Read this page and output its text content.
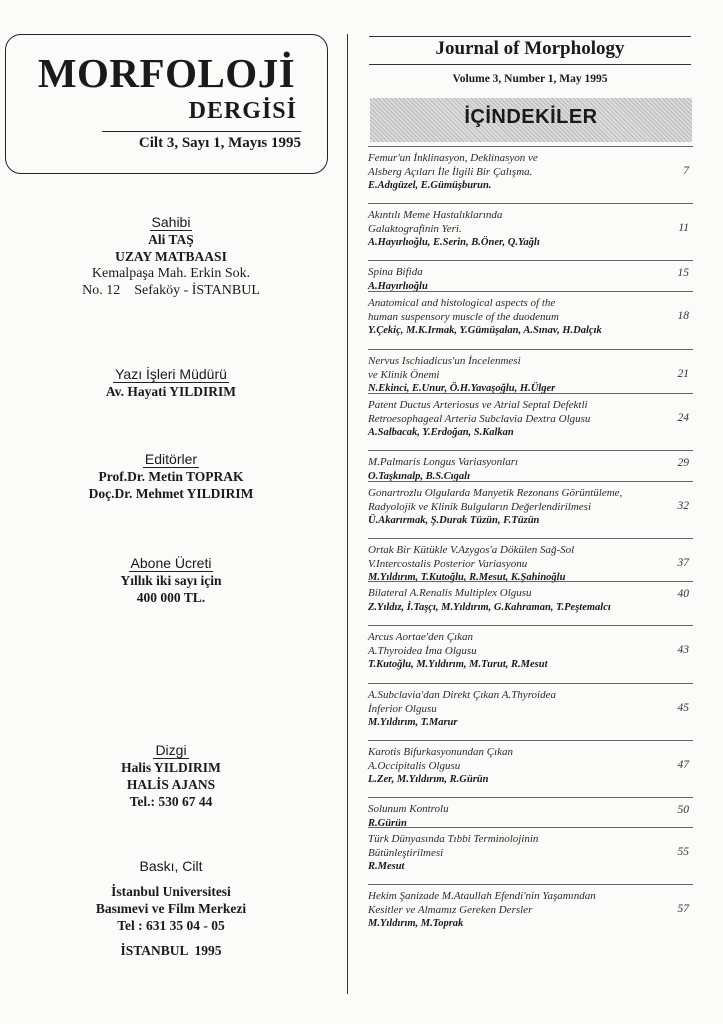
MORFOLOJİ
DERGİSİ
Cilt 3, Sayı 1, Mayıs 1995
Sahibi
Ali TAŞ
UZAY MATBAASI
Kemalpaşa Mah. Erkin Sok.
No. 12    Sefaköy - İSTANBUL
Yazı İşleri Müdürü
Av. Hayati YILDIRIM
Editörler
Prof.Dr. Metin TOPRAK
Doç.Dr. Mehmet YILDIRIM
Abone Ücreti
Yıllık iki sayı için
400 000 TL.
Dizgi
Halis YILDIRIM
HALİS AJANS
Tel.: 530 67 44
Baskı, Cilt
İstanbul Universitesi
Basımevi ve Film Merkezi
Tel : 631 35 04 - 05
İSTANBUL  1995
Journal of Morphology
Volume 3, Number 1, May 1995
İÇİNDEKİLER
Femur'un İnklinasyon, Deklinasyon ve
Alsberg Açıları İle İlgili Bir Çalışma.
E.Adıgüzel, E.Gümüşburun.
7
Akıntılı Meme Hastalıklarında
Galaktografinin Yeri.
A.Hayırlıoğlu, E.Serin, B.Öner, Q.Yağlı
11
Spina Bifida
A.Hayırlıoğlu
15
Anatomical and histological aspects of the
human suspensory muscle of the duodenum
Y.Çekiç, M.K.Irmak, Y.Gümüşalan, A.Sınav, H.Dalçık
18
Nervus Ischiadicus'un İncelenmesi
ve Klinik Önemi
N.Ekinci, E.Unur, Ö.H.Yavaşoğlu, H.Ülger
21
Patent Ductus Arteriosus ve Atrial Septal Defektli
Retroesophageal Arteria Subclavia Dextra Olgusu
A.Salbacak, Y.Erdoğan, S.Kalkan
24
M.Palmaris Longus Variasyonları
O.Taşkınalp, B.S.Cıgalı
29
Gonartrozlu Olgularda Manyetik Rezonans Görüntüleme,
Radyolojik ve Klinik Bulguların Değerlendirilmesi
Ü.Akarırmak, Ş.Durak Tüzün, F.Tüzün
32
Ortak Bir Kütükle V.Azygos'a Dökülen Sağ-Sol
V.Intercostalis Posterior Variasyonu
M.Yıldırım, T.Kutoğlu, R.Mesut, K.Şahinoğlu
37
Bilateral A.Renalis Multiplex Olgusu
Z.Yıldız, İ.Taşçı, M.Yıldırım, G.Kahraman, T.Peştemalcı
40
Arcus Aortae'den Çıkan
A.Thyroidea İma Olgusu
T.Kutoğlu, M.Yıldırım, M.Turut, R.Mesut
43
A.Subclavia'dan Direkt Çıkan A.Thyroidea
İnferior Olgusu
M.Yıldırım, T.Marur
45
Karotis Bifurkasyonundan Çıkan
A.Occipitalis Olgusu
L.Zer, M.Yıldırım, R.Gürün
47
Solunum Kontrolu
R.Gürün
50
Türk Dünyasında Tıbbi Terminolojinin
Bütünleştirilmesi
R.Mesut
55
Hekim Şanizade M.Ataullah Efendi'nin Yaşamından
Kesitler ve Almamız Gereken Dersler
M.Yıldırım, M.Toprak
57
